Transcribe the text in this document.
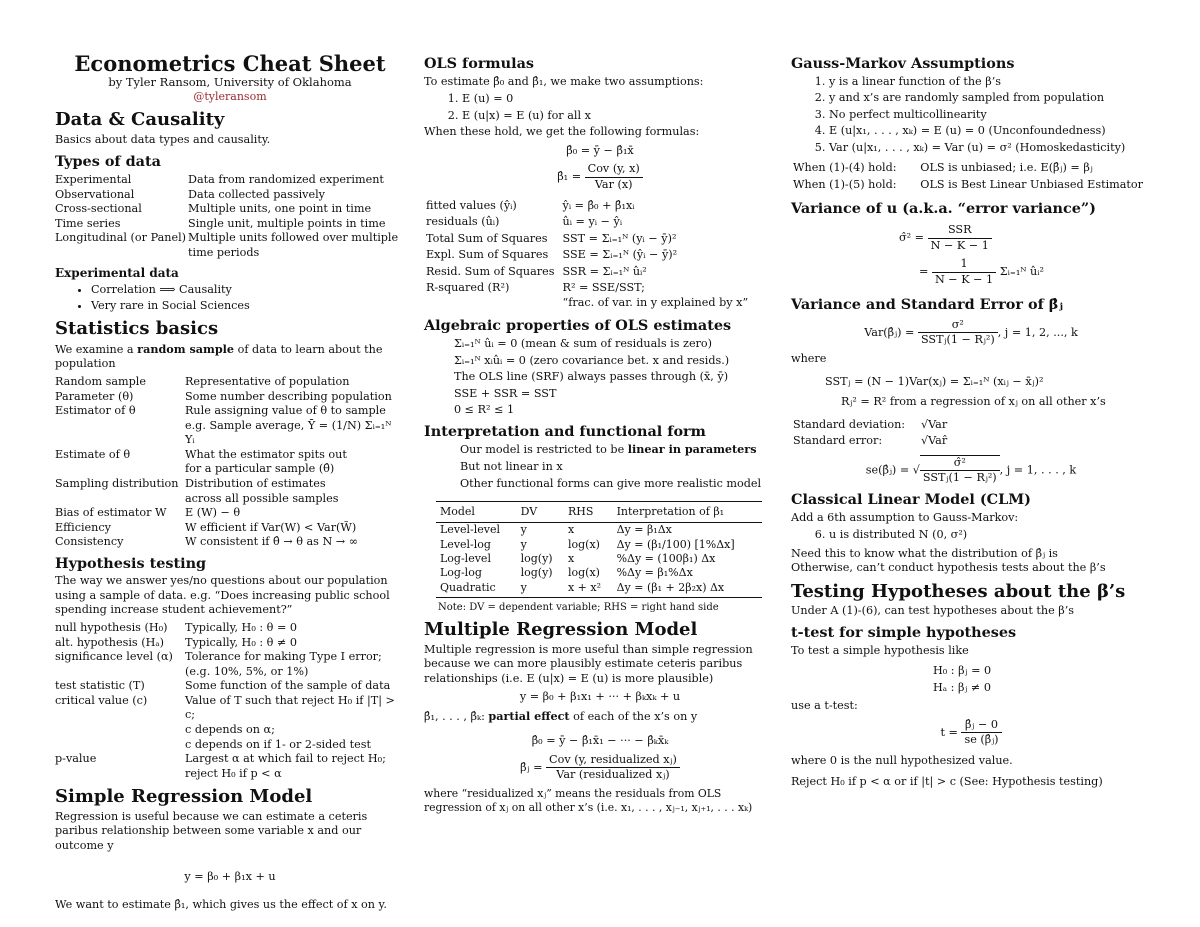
Econometrics Cheat Sheet
by Tyler Ransom, University of Oklahoma
@tyleransom
Data & Causality

Basics about data types and causality.

Types of data
Experimental	Data from randomized experiment
Observational	Data collected passively
Cross-sectional	Multiple units, one point in time
Time series	Single unit, multiple points in time
Longitudinal (or Panel)	Multiple units followed over multiple time periods
Experimental data
• Correlation ⟹ Causality
• Very rare in Social Sciences
Statistics basics

We examine a random sample of data to learn about the population

Random sample	Representative of population
Parameter (θ)	Some number describing population
Estimator of θ	Rule assigning value of θ to sample
e.g. Sample average, Ȳ = (1/N) Σᵢ₌₁ᴺ Yᵢ

Estimate of θ	What the estimator spits out
for a particular sample (θ̂)

Sampling distribution	Distribution of estimates
across all possible samples

Bias of estimator W	E (W) − θ
Efficiency	W efficient if Var(W) < Var(W̃)
Consistency	W consistent if θ̂ → θ as N → ∞
Hypothesis testing

The way we answer yes/no questions about our population using a sample of data. e.g. “Does increasing public school spending increase student achievement?”

null hypothesis (H₀)	Typically, H₀ : θ = 0
alt. hypothesis (Hₐ)	Typically, H₀ : θ ≠ 0
significance level (α)	Tolerance for making Type I error;
(e.g. 10%, 5%, or 1%)

test statistic (T)	Some function of the sample of data
critical value (c)	Value of T such that reject H₀ if |T| > c;
c depends on α;
c depends on if 1- or 2-sided test

p-value	Largest α at which fail to reject H₀;
reject H₀ if p < α
Simple Regression Model

Regression is useful because we can estimate a ceteris paribus relationship between some variable x and our outcome y

y = β₀ + β₁x + u

We want to estimate β̂₁, which gives us the effect of x on y.

OLS formulas

To estimate β̂₀ and β̂₁, we make two assumptions:

1. E (u) = 0
2. E (u|x) = E (u) for all x

When these hold, we get the following formulas:

β̂₀ = ȳ − β̂₁x̄
β̂₁ = $\frac{\text{Cov (y, x)}}{\text{Var (x)}}$
fitted values (ŷᵢ)	ŷᵢ = β̂₀ + β̂₁xᵢ
residuals (ûᵢ)	ûᵢ = yᵢ − ŷᵢ
Total Sum of Squares	SST = Σᵢ₌₁ᴺ (yᵢ − ȳ)²
Expl. Sum of Squares	SSE = Σᵢ₌₁ᴺ (ŷᵢ − ȳ)²
Resid. Sum of Squares	SSR = Σᵢ₌₁ᴺ ûᵢ²
R-squared (R²)	R² = SSE/SST;
“frac. of var. in y explained by x”
Algebraic properties of OLS estimates
Σᵢ₌₁ᴺ ûᵢ = 0 (mean & sum of residuals is zero)
Σᵢ₌₁ᴺ xᵢûᵢ = 0 (zero covariance bet. x and resids.)
The OLS line (SRF) always passes through (x̄, ȳ)
SSE + SSR = SST
0 ≤ R² ≤ 1
Interpretation and functional form
Our model is restricted to be linear in parameters
But not linear in x
Other functional forms can give more realistic model
Model	DV	RHS	Interpretation of β₁
Level-level	y	x	Δy = β₁Δx
Level-log	y	log(x)	Δy = (β₁/100) [1%Δx]
Log-level	log(y)	x	%Δy = (100β₁) Δx
Log-log	log(y)	log(x)	%Δy = β₁%Δx
Quadratic	y	x + x²	Δy = (β₁ + 2β₂x) Δx
Note: DV = dependent variable; RHS = right hand side
Multiple Regression Model

Multiple regression is more useful than simple regression because we can more plausibly estimate ceteris paribus relationships (i.e. E (u|x) = E (u) is more plausible)

y = β₀ + β₁x₁ + ··· + βₖxₖ + u

β̂₁, . . . , β̂ₖ: partial effect of each of the x’s on y

β̂₀ = ȳ − β̂₁x̄₁ − ··· − β̂ₖx̄ₖ
β̂ⱼ = $\frac{\text{Cov (y, residualized xⱼ)}}{\text{Var (residualized xⱼ)}}$

where “residualized xⱼ” means the residuals from OLS regression of xⱼ on all other x’s (i.e. x₁, . . . , xⱼ₋₁, xⱼ₊₁, . . . xₖ)

Gauss-Markov Assumptions
1. y is a linear function of the β’s
2. y and x’s are randomly sampled from population
3. No perfect multicollinearity
4. E (u|x₁, . . . , xₖ) = E (u) = 0 (Unconfoundedness)
5. Var (u|x₁, . . . , xₖ) = Var (u) = σ² (Homoskedasticity)
When (1)-(4) hold:	OLS is unbiased; i.e. E(β̂ⱼ) = βⱼ
When (1)-(5) hold:	OLS is Best Linear Unbiased Estimator
Variance of u (a.k.a. “error variance”)
σ̂² = $\frac{\text{SSR}}{N - K - 1}$
= $\frac{1}{N - K - 1}$ Σᵢ₌₁ᴺ ûᵢ²
Variance and Standard Error of β̂ⱼ
Var(β̂ⱼ) = $\frac{\text{σ²}}{\text{SSTⱼ(1 − Rⱼ²)}}$ , j = 1, 2, ..., k

where

SSTⱼ = (N − 1)Var(xⱼ) = Σᵢ₌₁ᴺ (xᵢⱼ − x̄ⱼ)²
Rⱼ² = R² from a regression of xⱼ on all other x’s
Standard deviation:	√Var
Standard error:	√Var̂
se(β̂ⱼ) = √ $\frac{\text{σ̂²}}{\text{SSTⱼ(1 − Rⱼ²)}}$ , j = 1, . . . , k
Classical Linear Model (CLM)

Add a 6th assumption to Gauss-Markov:

6. u is distributed N (0, σ²)

Need this to know what the distribution of β̂ⱼ is

Otherwise, can’t conduct hypothesis tests about the β’s

Testing Hypotheses about the β’s

Under A (1)-(6), can test hypotheses about the β’s

t-test for simple hypotheses

To test a simple hypothesis like

H₀ : βⱼ = 0
Hₐ : βⱼ ≠ 0

use a t-test:

$t = \frac{\text{β̂ⱼ − 0}}{\text{se (β̂ⱼ)}}$

where 0 is the null hypothesized value.

Reject H₀ if p < α or if |t| > c (See: Hypothesis testing)
